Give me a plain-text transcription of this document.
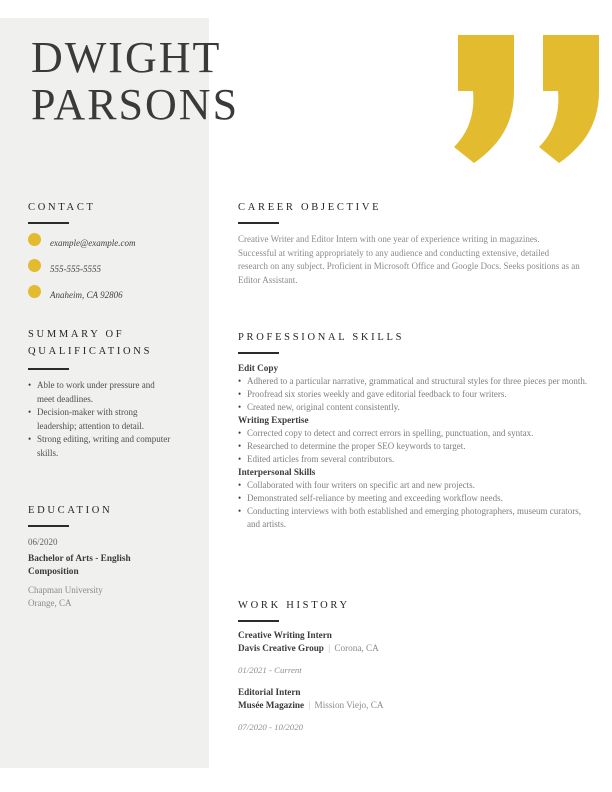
DWIGHT
PARSONS
CONTACT
example@example.com
555-555-5555
Anaheim, CA 92806
SUMMARY OF QUALIFICATIONS
• Able to work under pressure and meet deadlines.
• Decision-maker with strong leadership; attention to detail.
• Strong editing, writing and computer skills.
EDUCATION
06/2020
Bachelor of Arts - English Composition
Chapman University
Orange, CA
CAREER OBJECTIVE

Creative Writer and Editor Intern with one year of experience writing in magazines. Successful at writing appropriately to any audience and conducting extensive, detailed research on any subject. Proficient in Microsoft Office and Google Docs. Seeks positions as an Editor Assistant.

PROFESSIONAL SKILLS
Edit Copy
• Adhered to a particular narrative, grammatical and structural styles for three pieces per month.
• Proofread six stories weekly and gave editorial feedback to four writers.
• Created new, original content consistently.
Writing Expertise
• Corrected copy to detect and correct errors in spelling, punctuation, and syntax.
• Researched to determine the proper SEO keywords to target.
• Edited articles from several contributors.
Interpersonal Skills
• Collaborated with four writers on specific art and new projects.
• Demonstrated self-reliance by meeting and exceeding workflow needs.
• Conducting interviews with both established and emerging photographers, museum curators, and artists.
WORK HISTORY
Creative Writing Intern
Davis Creative Group | Corona, CA
01/2021 - Current
Editorial Intern
Musée Magazine | Mission Viejo, CA
07/2020 - 10/2020
